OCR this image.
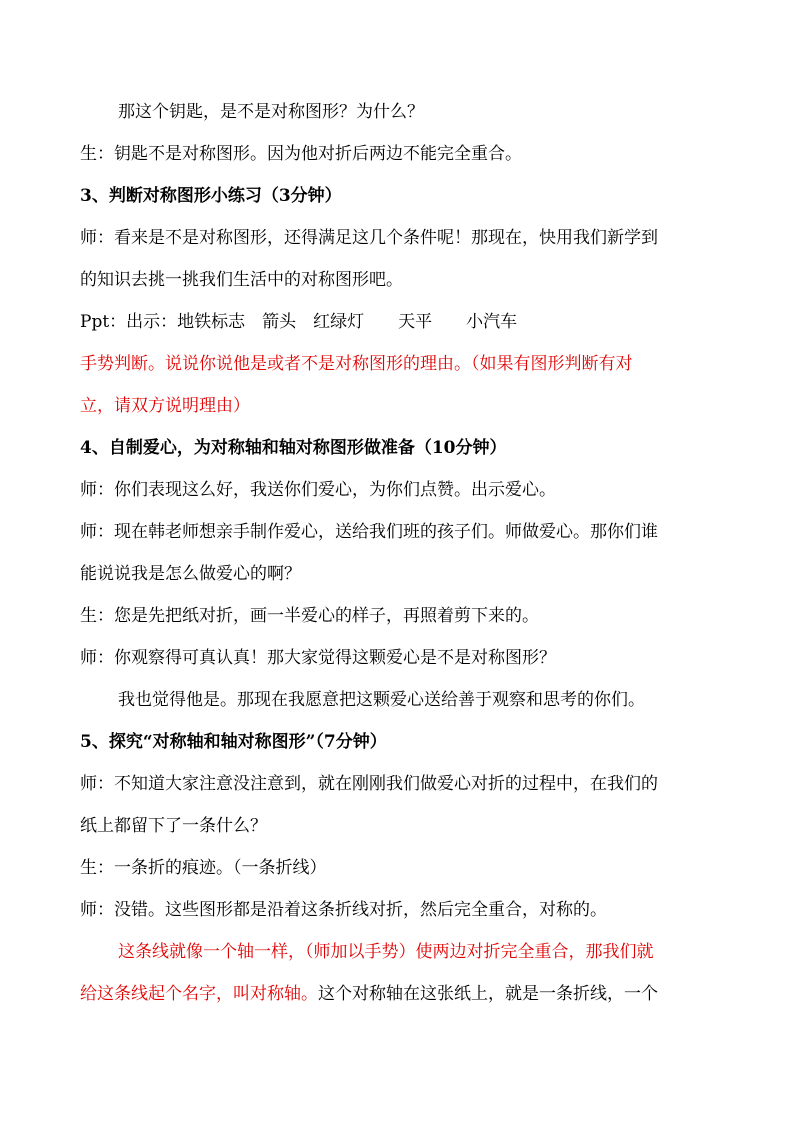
那这个钥匙，是不是对称图形？为什么？
生：钥匙不是对称图形。因为他对折后两边不能完全重合。
3、判断对称图形小练习（3分钟）
师：看来是不是对称图形，还得满足这几个条件呢！那现在，快用我们新学到
的知识去挑一挑我们生活中的对称图形吧。
Ppt：出示：地铁标志　箭头　红绿灯　　天平　　小汽车
手势判断。说说你说他是或者不是对称图形的理由。（如果有图形判断有对
立，请双方说明理由）
4、自制爱心，为对称轴和轴对称图形做准备（10分钟）
师：你们表现这么好，我送你们爱心，为你们点赞。出示爱心。
师：现在韩老师想亲手制作爱心，送给我们班的孩子们。师做爱心。那你们谁
能说说我是怎么做爱心的啊？
生：您是先把纸对折，画一半爱心的样子，再照着剪下来的。
师：你观察得可真认真！那大家觉得这颗爱心是不是对称图形？
我也觉得他是。那现在我愿意把这颗爱心送给善于观察和思考的你们。
5、探究“对称轴和轴对称图形”（7分钟）
师：不知道大家注意没注意到，就在刚刚我们做爱心对折的过程中，在我们的
纸上都留下了一条什么？
生：一条折的痕迹。（一条折线）
师：没错。这些图形都是沿着这条折线对折，然后完全重合，对称的。
这条线就像一个轴一样，（师加以手势）使两边对折完全重合，那我们就
给这条线起个名字，叫对称轴。这个对称轴在这张纸上，就是一条折线，一个
